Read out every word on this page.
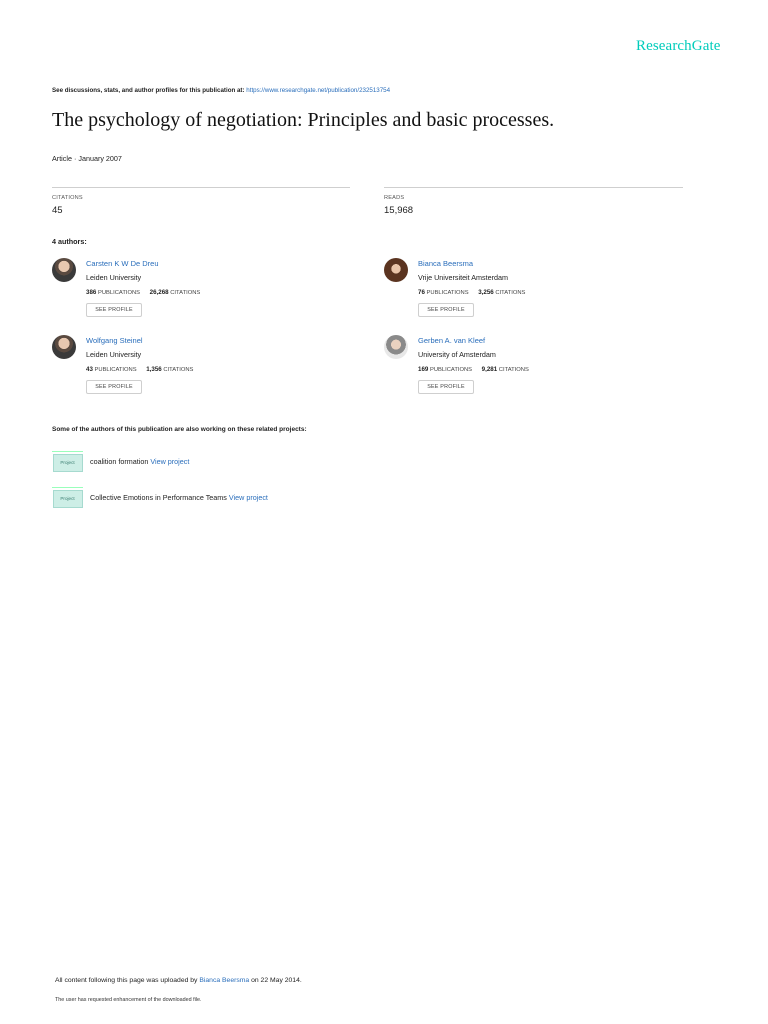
ResearchGate
See discussions, stats, and author profiles for this publication at: https://www.researchgate.net/publication/232513754
The psychology of negotiation: Principles and basic processes.
Article · January 2007
CITATIONS
45
READS
15,968
4 authors:
Carsten K W De Dreu
Leiden University
386 PUBLICATIONS 26,268 CITATIONS
SEE PROFILE
Bianca Beersma
Vrije Universiteit Amsterdam
76 PUBLICATIONS 3,256 CITATIONS
SEE PROFILE
Wolfgang Steinel
Leiden University
43 PUBLICATIONS 1,356 CITATIONS
SEE PROFILE
Gerben A. van Kleef
University of Amsterdam
169 PUBLICATIONS 9,281 CITATIONS
SEE PROFILE
Some of the authors of this publication are also working on these related projects:
Project	coalition formation View project
Project	Collective Emotions in Performance Teams View project
All content following this page was uploaded by Bianca Beersma on 22 May 2014.
The user has requested enhancement of the downloaded file.
